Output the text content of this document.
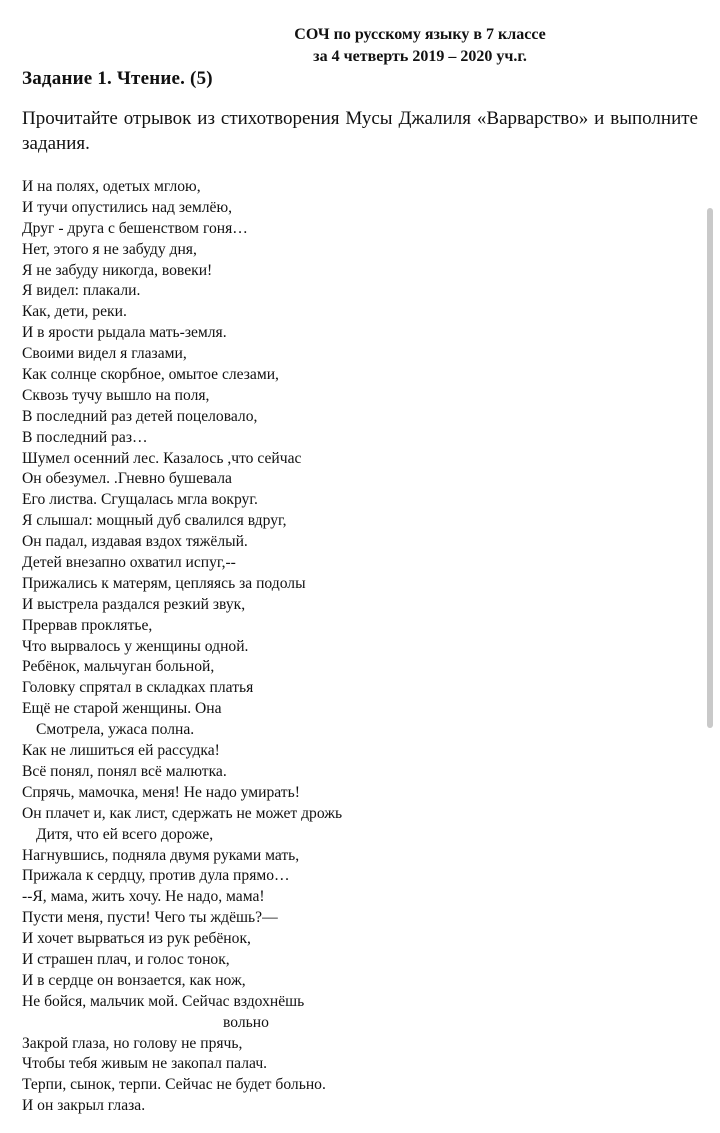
СОЧ по русскому языку в 7 классе
за 4 четверть 2019 – 2020 уч.г.
Задание 1. Чтение. (5)
Прочитайте отрывок из стихотворения Мусы Джалиля «Варварство» и выполните задания.

И на полях, одетых мглою,

И тучи опустились над землёю,

Друг - друга с бешенством гоня…

Нет, этого я не забуду дня,

Я не забуду никогда, вовеки!

Я видел: плакали.

Как, дети, реки.

И в ярости рыдала мать-земля.

Своими видел я глазами,

Как солнце скорбное, омытое слезами,

Сквозь тучу вышло на поля,

В последний раз детей поцеловало,

В последний раз…

Шумел осенний лес. Казалось ,что сейчас

Он обезумел. .Гневно бушевала

Его листва. Сгущалась мгла вокруг.

Я слышал: мощный дуб свалился вдруг,

Он падал, издавая вздох тяжёлый.

Детей внезапно охватил испуг,--

Прижались к матерям, цепляясь за подолы

И выстрела раздался резкий звук,

Прервав проклятье,

Что вырвалось у женщины одной.

Ребёнок, мальчуган больной,

Головку спрятал в складках платья

Ещё не старой женщины. Она

Смотрела, ужаса полна.

Как не лишиться ей рассудка!

Всё понял, понял всё малютка.

Спрячь, мамочка, меня! Не надо умирать!

Он плачет и, как лист, сдержать не может дрожь

Дитя, что ей всего дороже,

Нагнувшись, подняла двумя руками мать,

Прижала к сердцу, против дула прямо…

--Я, мама, жить хочу. Не надо, мама!

Пусти меня, пусти! Чего ты ждёшь?—

И хочет вырваться из рук ребёнок,

И страшен плач, и голос тонок,

И в сердце он вонзается, как нож,

Не бойся, мальчик мой. Сейчас вздохнёшь

вольно

Закрой глаза, но голову не прячь,

Чтобы тебя живым не закопал палач.

Терпи, сынок, терпи. Сейчас не будет больно.

И он закрыл глаза.
